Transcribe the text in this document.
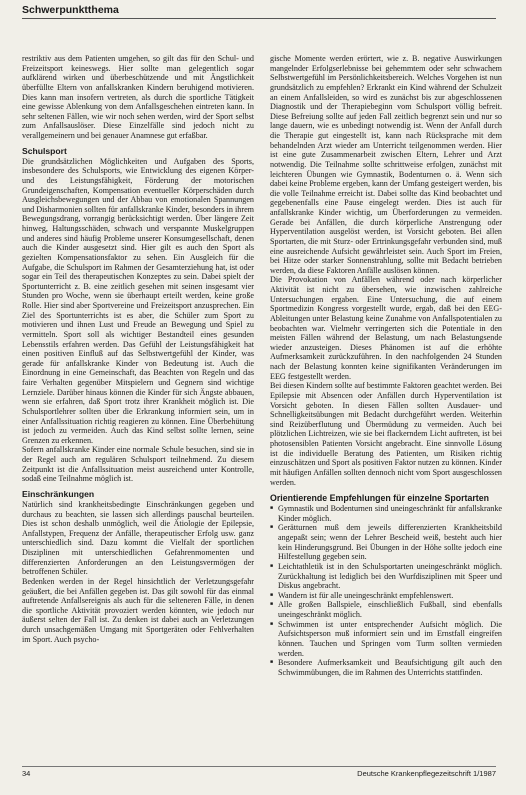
Schwerpunktthema

restriktiv aus dem Patienten umgehen, so gilt das für den Schul- und Freizeitsport keineswegs. Hier sollte man gelegentlich sogar aufklärend wirken und überbeschützende und mit Ängstlichkeit überfüllte Eltern von anfallskranken Kindern beruhigend motivieren. Dies kann man insofern vertreten, als durch die sportliche Tätigkeit eine gewisse Ablenkung von dem Anfallsgeschehen eintreten kann. In sehr seltenen Fällen, wie wir noch sehen werden, wird der Sport selbst zum Anfallsauslöser. Diese Einzelfälle sind jedoch nicht zu verallgemeinern und bei genauer Anamnese gut erfaßbar.

Schulsport

Die grundsätzlichen Möglichkeiten und Aufgaben des Sports, insbesondere des Schulsports, wie Entwicklung des eigenen Körper- und des Leistungsfähigkeit, Förderung der motorischen Grundeigenschaften, Kompensation eventueller Körperschäden durch Ausgleichsbewegungen und der Abbau von emotionalen Spannungen und Disharmonien sollten für anfallskranke Kinder, besonders in ihrem Bewegungsdrang, vorrangig berücksichtigt werden. Über längere Zeit hinweg, Haltungsschäden, schwach und verspannte Muskelgruppen und anderes sind häufig Probleme unserer Konsumgesellschaft, denen auch die Kinder ausgesetzt sind. Hier gilt es auch den Sport als gezielten Kompensationsfaktor zu sehen. Ein Ausgleich für die Aufgabe, die Schulsport im Rahmen der Gesamterziehung hat, ist oder sogar ein Teil des therapeutischen Konzeptes zu sein. Dabei spielt der Sportunterricht z. B. eine zeitlich gesehen mit seinen insgesamt vier Stunden pro Woche, wenn sie überhaupt erteilt werden, keine große Rolle. Hier sind aber Sportvereine und Freizeitsport anzusprechen. Ein Ziel des Sportunterrichts ist es aber, die Schüler zum Sport zu motivieren und ihnen Lust und Freude an Bewegung und Spiel zu vermitteln. Sport soll als wichtiger Bestandteil eines gesunden Lebensstils erfahren werden. Das Gefühl der Leistungsfähigkeit hat einen positiven Einfluß auf das Selbstwertgefühl der Kinder, was gerade für anfallskranke Kinder von Bedeutung ist. Auch die Einordnung in eine Gemeinschaft, das Beachten von Regeln und das faire Verhalten gegenüber Mitspielern und Gegnern sind wichtige Lernziele. Darüber hinaus können die Kinder für sich Ängste abbauen, wenn sie erfahren, daß Sport trotz ihrer Krankheit möglich ist. Die Schulsportlehrer sollten über die Erkrankung informiert sein, um in einer Anfallssituation richtig reagieren zu können. Eine Überbehütung ist jedoch zu vermeiden. Auch das Kind selbst sollte lernen, seine Grenzen zu erkennen.

Sofern anfallskranke Kinder eine normale Schule besuchen, sind sie in der Regel auch am regulären Schulsport teilnehmend. Zu diesem Zeitpunkt ist die Anfallssituation meist ausreichend unter Kontrolle, sodaß eine Teilnahme möglich ist.

Einschränkungen

Natürlich sind krankheitsbedingte Einschränkungen gegeben und durchaus zu beachten, sie lassen sich allerdings pauschal beurteilen. Dies ist schon deshalb unmöglich, weil die Ätiologie der Epilepsie, Anfallstypen, Frequenz der Anfälle, therapeutischer Erfolg usw. ganz unterschiedlich sind. Dazu kommt die Vielfalt der sportlichen Disziplinen mit unterschiedlichen Gefahrenmomenten und differenzierten Anforderungen an den Leistungsvermögen der betroffenen Schüler.

Bedenken werden in der Regel hinsichtlich der Verletzungsgefahr geäußert, die bei Anfällen gegeben ist. Das gilt sowohl für das einmal auftretende Anfallsereignis als auch für die selteneren Fälle, in denen die sportliche Aktivität provoziert werden könnten, wie jedoch nur äußerst selten der Fall ist. Zu denken ist dabei auch an Verletzungen durch unsachgemäßen Umgang mit Sportgeräten oder Fehlverhalten im Sport. Auch psycho-

gische Momente werden erörtert, wie z. B. negative Auswirkungen mangelnder Erfolgserlebnisse bei gehemmtem oder sehr schwachem Selbstwertgefühl im Persönlichkeitsbereich. Welches Vorgehen ist nun grundsätzlich zu empfehlen? Erkrankt ein Kind während der Schulzeit an einem Anfallsleiden, so wird es zunächst bis zur abgeschlossenen Diagnostik und der Therapiebeginn vom Schulsport völlig befreit. Diese Befreiung sollte auf jeden Fall zeitlich begrenzt sein und nur so lange dauern, wie es unbedingt notwendig ist. Wenn der Anfall durch die Therapie gut eingestellt ist, kann nach Rücksprache mit dem behandelnden Arzt wieder am Unterricht teilgenommen werden. Hier ist eine gute Zusammenarbeit zwischen Eltern, Lehrer und Arzt notwendig. Die Teilnahme sollte schrittweise erfolgen, zunächst mit leichteren Übungen wie Gymnastik, Bodenturnen o. ä. Wenn sich dabei keine Probleme ergeben, kann der Umfang gesteigert werden, bis die volle Teilnahme erreicht ist. Dabei sollte das Kind beobachtet und gegebenenfalls eine Pause eingelegt werden. Dies ist auch für anfallskranke Kinder wichtig, um Überforderungen zu vermeiden. Gerade bei Anfällen, die durch körperliche Anstrengung oder Hyperventilation ausgelöst werden, ist Vorsicht geboten. Bei allen Sportarten, die mit Sturz- oder Ertrinkungsgefahr verbunden sind, muß eine ausreichende Aufsicht gewährleistet sein. Auch Sport im Freien, bei Hitze oder starker Sonnenstrahlung, sollte mit Bedacht betrieben werden, da diese Faktoren Anfälle auslösen können.

Die Provokation von Anfällen während oder nach körperlicher Aktivität ist nicht zu übersehen, wie inzwischen zahlreiche Untersuchungen ergaben. Eine Untersuchung, die auf einem Sportmedizin Kongress vorgestellt wurde, ergab, daß bei den EEG-Ableitungen unter Belastung keine Zunahme von Anfallspotentialen zu beobachten war. Vielmehr verringerten sich die Potentiale in den meisten Fällen während der Belastung, um nach Belastungsende wieder anzusteigen. Dieses Phänomen ist auf die erhöhte Aufmerksamkeit zurückzuführen. In den nachfolgenden 24 Stunden nach der Belastung konnten keine signifikanten Veränderungen im EEG festgestellt werden.

Bei diesen Kindern sollte auf bestimmte Faktoren geachtet werden. Bei Epilepsie mit Absencen oder Anfällen durch Hyperventilation ist Vorsicht geboten. In diesen Fällen sollten Ausdauer- und Schnelligkeitsübungen mit Bedacht durchgeführt werden. Weiterhin sind Reizüberflutung und Übermüdung zu vermeiden. Auch bei plötzlichen Lichtreizen, wie sie bei flackerndem Licht auftreten, ist bei photosensiblen Patienten Vorsicht angebracht. Eine sinnvolle Lösung ist die individuelle Beratung des Patienten, um Risiken richtig einzuschätzen und Sport als positiven Faktor nutzen zu können. Kinder mit häufigen Anfällen sollten dennoch nicht vom Sport ausgeschlossen werden.

Orientierende Empfehlungen für einzelne Sportarten
■ Gymnastik und Bodenturnen sind uneingeschränkt für anfallskranke Kinder möglich.
■ Gerätturnen muß dem jeweils differenzierten Krankheitsbild angepaßt sein; wenn der Lehrer Bescheid weiß, besteht auch hier kein Hinderungsgrund. Bei Übungen in der Höhe sollte jedoch eine Hilfestellung gegeben sein.
■ Leichtathletik ist in den Schulsportarten uneingeschränkt möglich. Zurückhaltung ist lediglich bei den Wurfdisziplinen mit Speer und Diskus angebracht.
■ Wandern ist für alle uneingeschränkt empfehlenswert.
■ Alle großen Ballspiele, einschließlich Fußball, sind ebenfalls uneingeschränkt möglich.
■ Schwimmen ist unter entsprechender Aufsicht möglich. Die Aufsichtsperson muß informiert sein und im Ernstfall eingreifen können. Tauchen und Springen vom Turm sollten vermieden werden.
■ Besondere Aufmerksamkeit und Beaufsichtigung gilt auch den Schwimmübungen, die im Rahmen des Unterrichts stattfinden.
34	Deutsche Krankenpflegezeitschrift 1/1987
